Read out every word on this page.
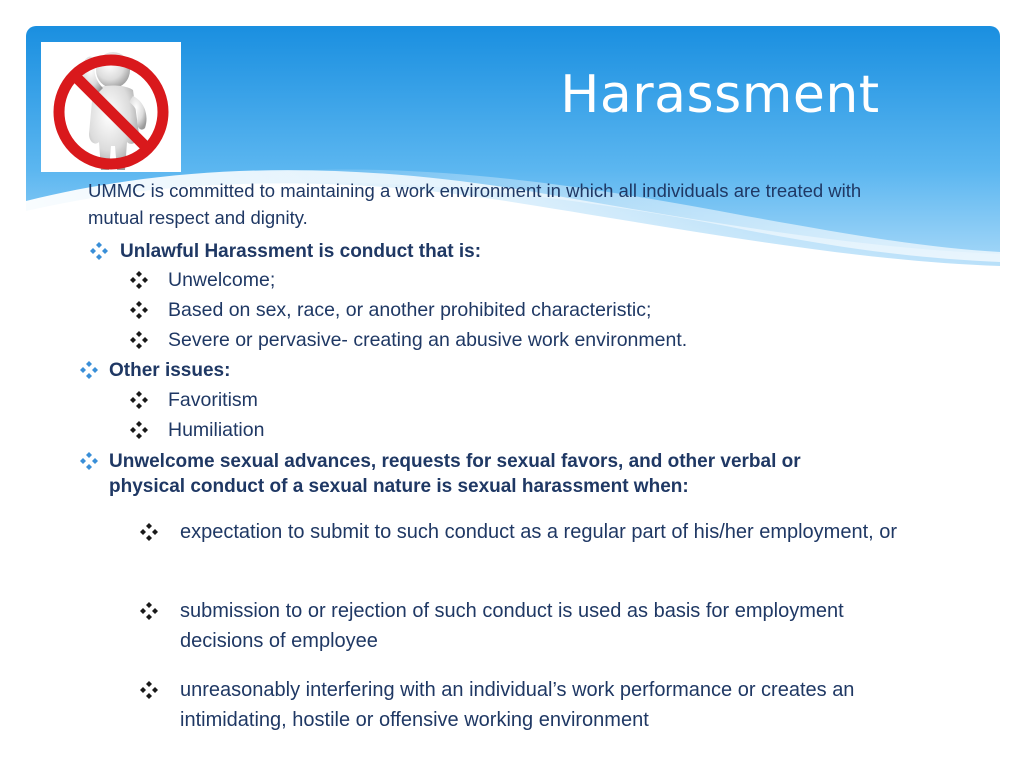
Harassment
UMMC is committed to maintaining a work environment in which all individuals are treated with mutual respect and dignity.
Unlawful Harassment is conduct that is:
Unwelcome;
Based on sex, race, or another prohibited characteristic;
Severe or pervasive- creating an abusive work environment.
Other issues:
Favoritism
Humiliation
Unwelcome sexual advances, requests for sexual favors, and other verbal or physical conduct of a sexual nature is sexual harassment when:
expectation to submit to such conduct as a regular part of his/her employment, or
submission to or rejection of such conduct is used as basis for employment decisions of employee
unreasonably interfering with an individual’s work performance or creates an intimidating, hostile or offensive working environment
